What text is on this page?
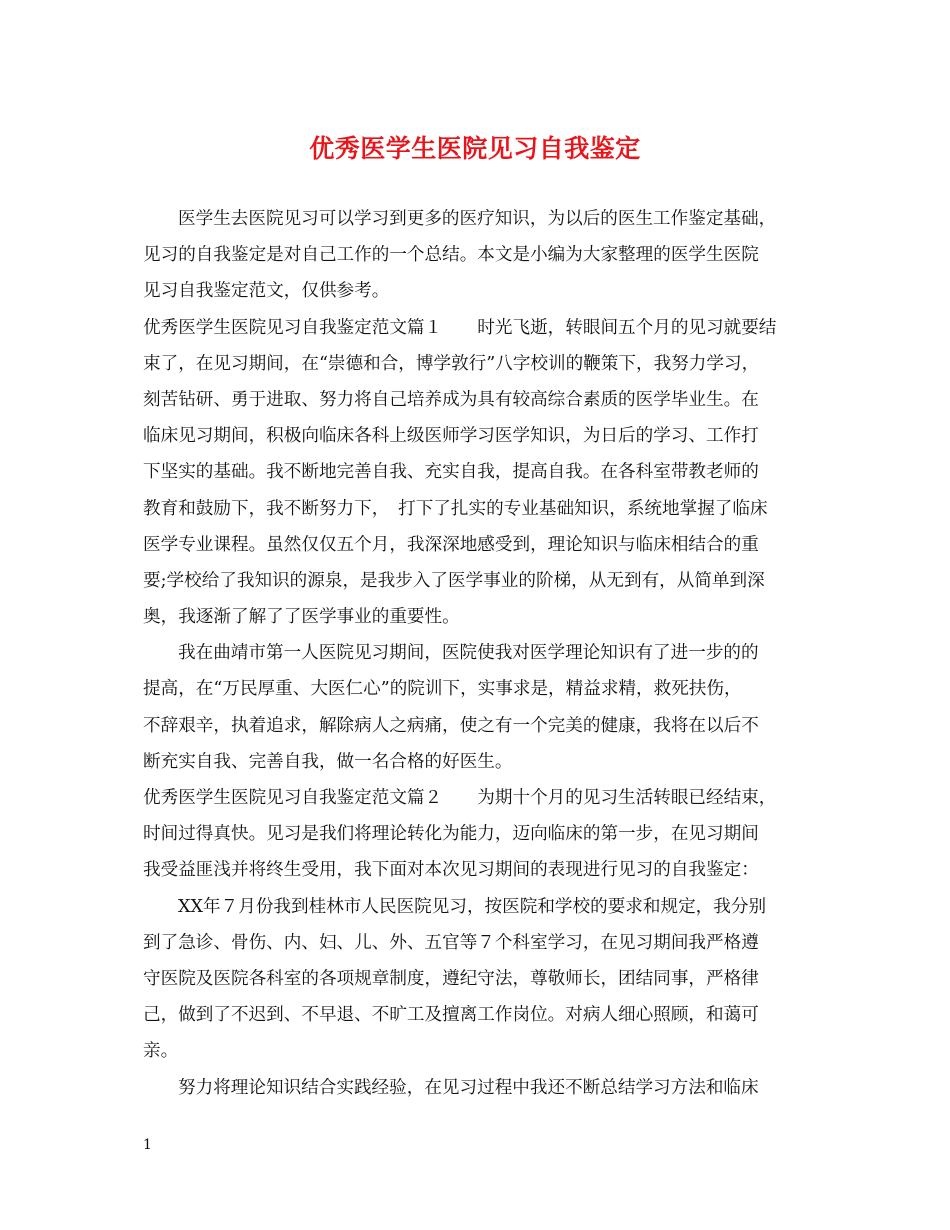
优秀医学生医院见习自我鉴定
医学生去医院见习可以学习到更多的医疗知识，为以后的医生工作鉴定基础，
见习的自我鉴定是对自己工作的一个总结。本文是小编为大家整理的医学生医院
见习自我鉴定范文，仅供参考。
优秀医学生医院见习自我鉴定范文篇１　　时光飞逝，转眼间五个月的见习就要结
束了，在见习期间，在“崇德和合，博学敦行”八字校训的鞭策下，我努力学习，
刻苦钻研、勇于进取、努力将自己培养成为具有较高综合素质的医学毕业生。在
临床见习期间，积极向临床各科上级医师学习医学知识，为日后的学习、工作打
下坚实的基础。我不断地完善自我、充实自我，提高自我。在各科室带教老师的
教育和鼓励下，我不断努力下，　打下了扎实的专业基础知识，系统地掌握了临床
医学专业课程。虽然仅仅五个月，我深深地感受到，理论知识与临床相结合的重
要;学校给了我知识的源泉，是我步入了医学事业的阶梯，从无到有，从简单到深
奥，我逐渐了解了了医学事业的重要性。
我在曲靖市第一人医院见习期间，医院使我对医学理论知识有了进一步的的
提高，在“万民厚重、大医仁心”的院训下，实事求是，精益求精，救死扶伤，
不辞艰辛，执着追求，解除病人之病痛，使之有一个完美的健康，我将在以后不
断充实自我、完善自我，做一名合格的好医生。
优秀医学生医院见习自我鉴定范文篇２　　为期十个月的见习生活转眼已经结束，
时间过得真快。见习是我们将理论转化为能力，迈向临床的第一步，在见习期间
我受益匪浅并将终生受用，我下面对本次见习期间的表现进行见习的自我鉴定：
XX年７月份我到桂林市人民医院见习，按医院和学校的要求和规定，我分别
到了急诊、骨伤、内、妇、儿、外、五官等７个科室学习，在见习期间我严格遵
守医院及医院各科室的各项规章制度，遵纪守法，尊敬师长，团结同事，严格律
己，做到了不迟到、不早退、不旷工及擅离工作岗位。对病人细心照顾，和蔼可
亲。
努力将理论知识结合实践经验，在见习过程中我还不断总结学习方法和临床
1
